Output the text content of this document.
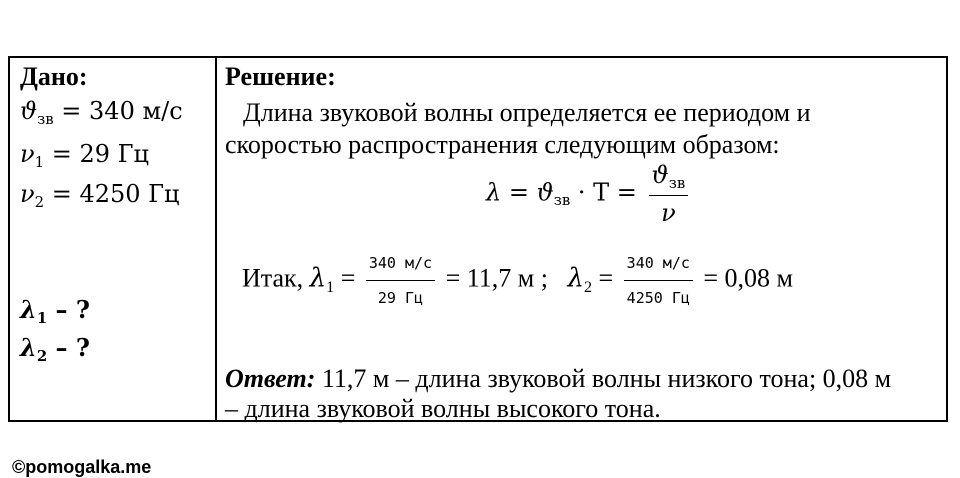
Дано:
ϑзв = 340 м/с
ν1 = 29 Гц
ν2 = 4250 Гц
λ1 – ?
λ2 – ?
Решение:
Длина звуковой волны определяется ее периодом и
скоростью распространения следующим образом:
$\lambda = ϑзв \cdot T = \frac{\text{ϑзв}}{\nu}$
Итак, $\lambda 1 = \frac{340 м/с}{29 Гц} = 11,7$ м ; $\lambda 2 = \frac{340 м/с}{4250 Гц} = 0,08$ м
Ответ: 11,7 м – длина звуковой волны низкого тона; 0,08 м
– длина звуковой волны высокого тона.
©pomogalka.me
